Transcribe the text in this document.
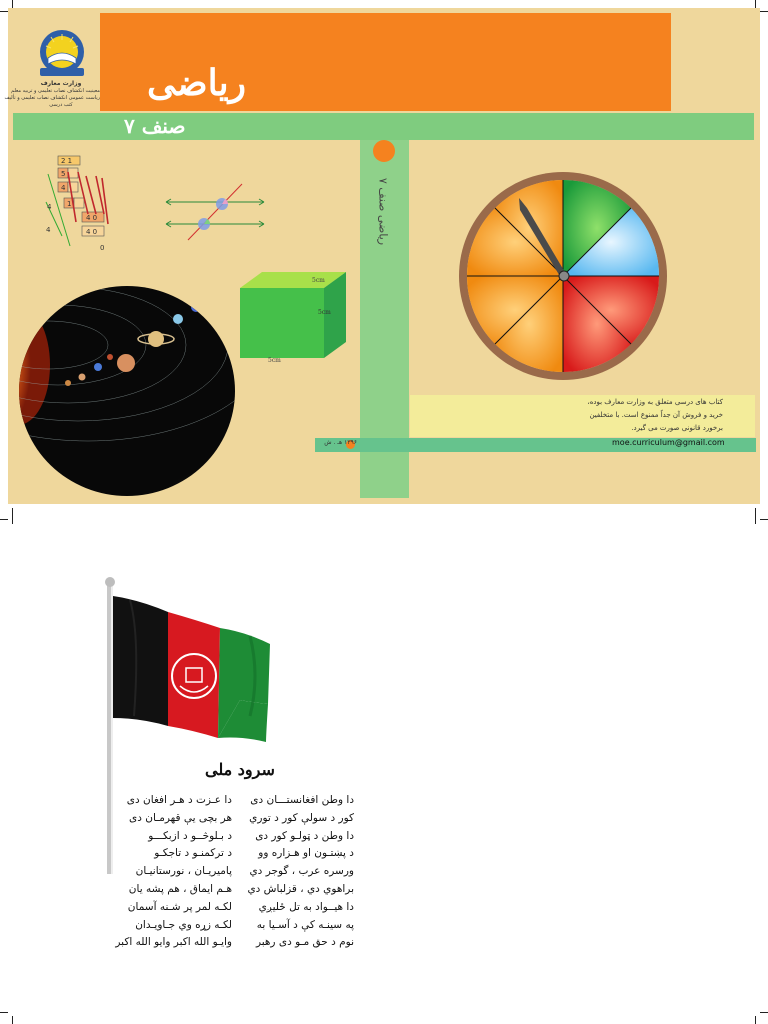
ریاضی
صنف ۷
وزارت معارف
معینیت انکشاف نصاب تعلیمی و تربیه معلم
ریاست عمومی انکشاف نصاب تعلیمی و تألیف
کتب درسی
2 1
5
4
1
4 0
4 0
4
4
0
5cm
5cm
5cm
ریاضی صنف ۷
کتاب های درسی متعلق به وزارت معارف بوده،
خرید و فروش آن جداً ممنوع است. با متخلفین
برخورد قانونی صورت می گیرد.
moe.curriculum@gmail.com
۱۳۹۶ هـ . ش
سرود ملی
دا وطن افغانستـــان دی
کور د سولې کور د توري
دا وطن د ټولـو کور دی
د پښتـون او هـزاره وو
ورسره عرب ، گوجر دي
براهوي دي ، قزلباش دي
دا هیــواد به تل ځلیږي
په سینـه کې د آسـیا به
نوم د حق مـو دی رهبر
دا عـزت د هـر افغان دی
هر بچی یې قهرمـان دی
د بـلوڅــو د ازبکـــو
د ترکمنـو د تاجکـو
پامیریـان ، نورستانیـان
هـم ایماق ، هم پشه یان
لکـه لمر پر شـنه آسمان
لکـه زړه وي جـاویـدان
وایـو الله اکبر وایو الله اکبر
